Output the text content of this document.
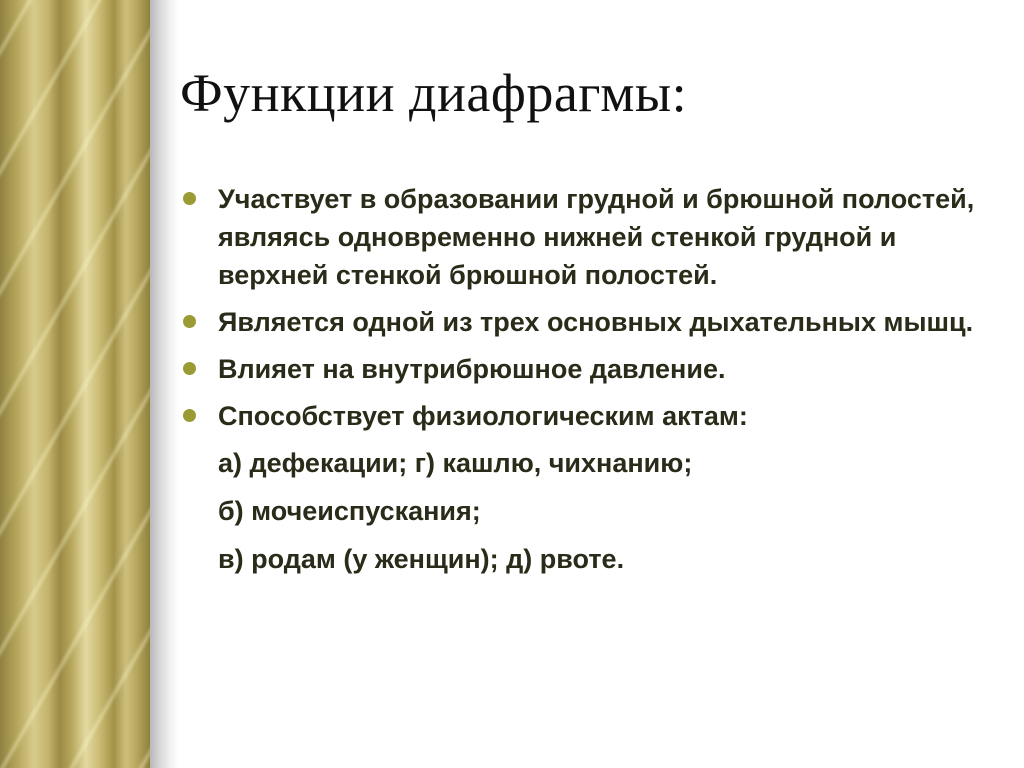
Функции диафрагмы:
Участвует в образовании грудной и брюшной полостей, являясь одновременно нижней стенкой грудной и верхней стенкой брюшной полостей.
Является одной из трех основных дыхательных мышц.
Влияет на внутрибрюшное давление.
Способствует физиологическим актам:
а) дефекации; г) кашлю, чихнанию;
б) мочеиспускания;
в) родам (у женщин); д) рвоте.
